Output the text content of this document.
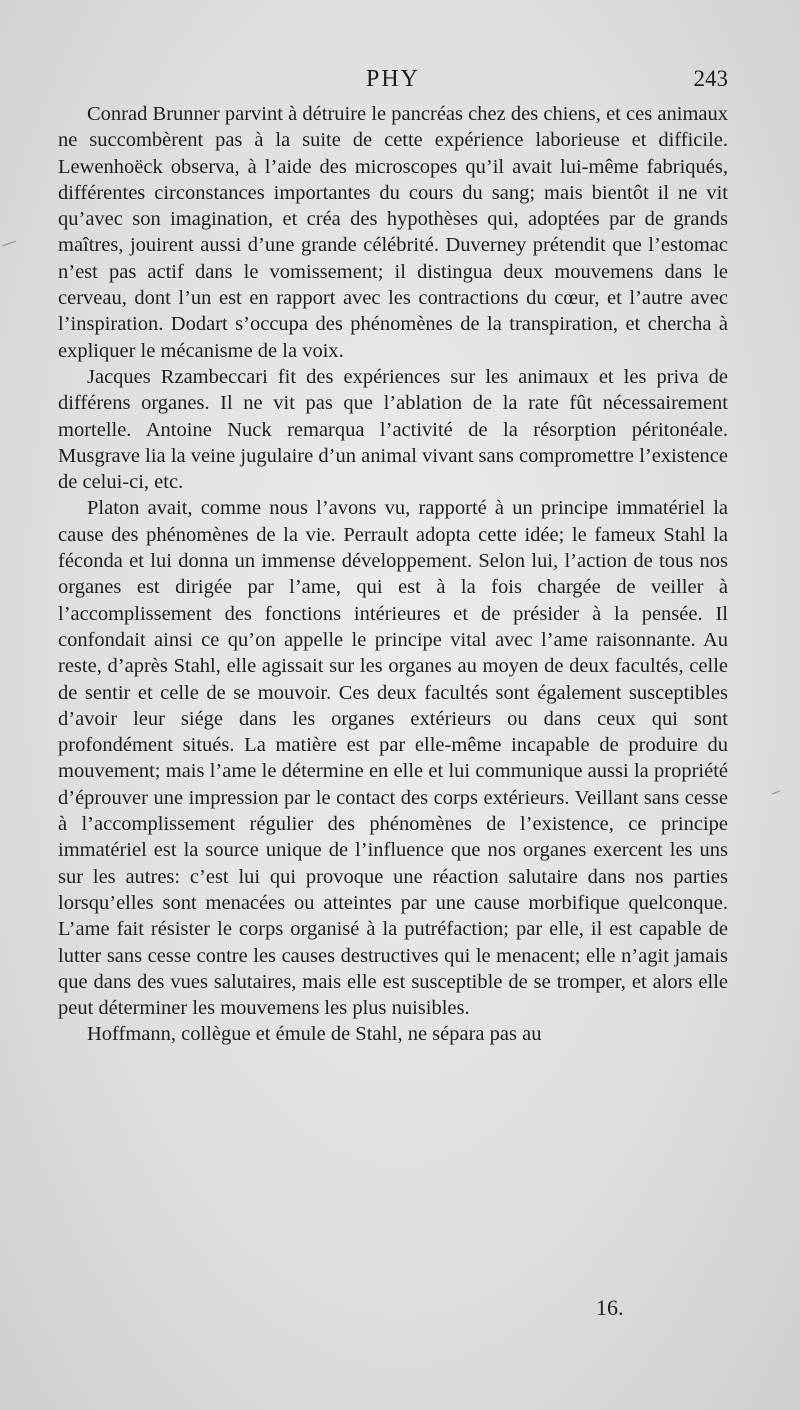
PHY	243

Conrad Brunner parvint à détruire le pancréas chez des chiens, et ces animaux ne succombèrent pas à la suite de cette expérience laborieuse et difficile. Lewenhoëck observa, à l’aide des microscopes qu’il avait lui-même fabriqués, différentes circonstances importantes du cours du sang; mais bientôt il ne vit qu’avec son imagination, et créa des hypothèses qui, adoptées par de grands maîtres, jouirent aussi d’une grande célébrité. Duverney prétendit que l’estomac n’est pas actif dans le vomissement; il distingua deux mouvemens dans le cerveau, dont l’un est en rapport avec les contractions du cœur, et l’autre avec l’inspiration. Dodart s’occupa des phénomènes de la transpiration, et chercha à expliquer le mécanisme de la voix.

Jacques Rzambeccari fit des expériences sur les animaux et les priva de différens organes. Il ne vit pas que l’ablation de la rate fût nécessairement mortelle. Antoine Nuck remarqua l’activité de la résorption péritonéale. Musgrave lia la veine jugulaire d’un animal vivant sans compromettre l’existence de celui-ci, etc.

Platon avait, comme nous l’avons vu, rapporté à un principe immatériel la cause des phénomènes de la vie. Perrault adopta cette idée; le fameux Stahl la féconda et lui donna un immense développement. Selon lui, l’action de tous nos organes est dirigée par l’ame, qui est à la fois chargée de veiller à l’accomplissement des fonctions intérieures et de présider à la pensée. Il confondait ainsi ce qu’on appelle le principe vital avec l’ame raisonnante. Au reste, d’après Stahl, elle agissait sur les organes au moyen de deux facultés, celle de sentir et celle de se mouvoir. Ces deux facultés sont également susceptibles d’avoir leur siége dans les organes extérieurs ou dans ceux qui sont profondément situés. La matière est par elle-même incapable de produire du mouvement; mais l’ame le détermine en elle et lui communique aussi la propriété d’éprouver une impression par le contact des corps extérieurs. Veillant sans cesse à l’accomplissement régulier des phénomènes de l’existence, ce principe immatériel est la source unique de l’influence que nos organes exercent les uns sur les autres: c’est lui qui provoque une réaction salutaire dans nos parties lorsqu’elles sont menacées ou atteintes par une cause morbifique quelconque. L’ame fait résister le corps organisé à la putréfaction; par elle, il est capable de lutter sans cesse contre les causes destructives qui le menacent; elle n’agit jamais que dans des vues salutaires, mais elle est susceptible de se tromper, et alors elle peut déterminer les mouvemens les plus nuisibles.

Hoffmann, collègue et émule de Stahl, ne sépara pas au

16.
